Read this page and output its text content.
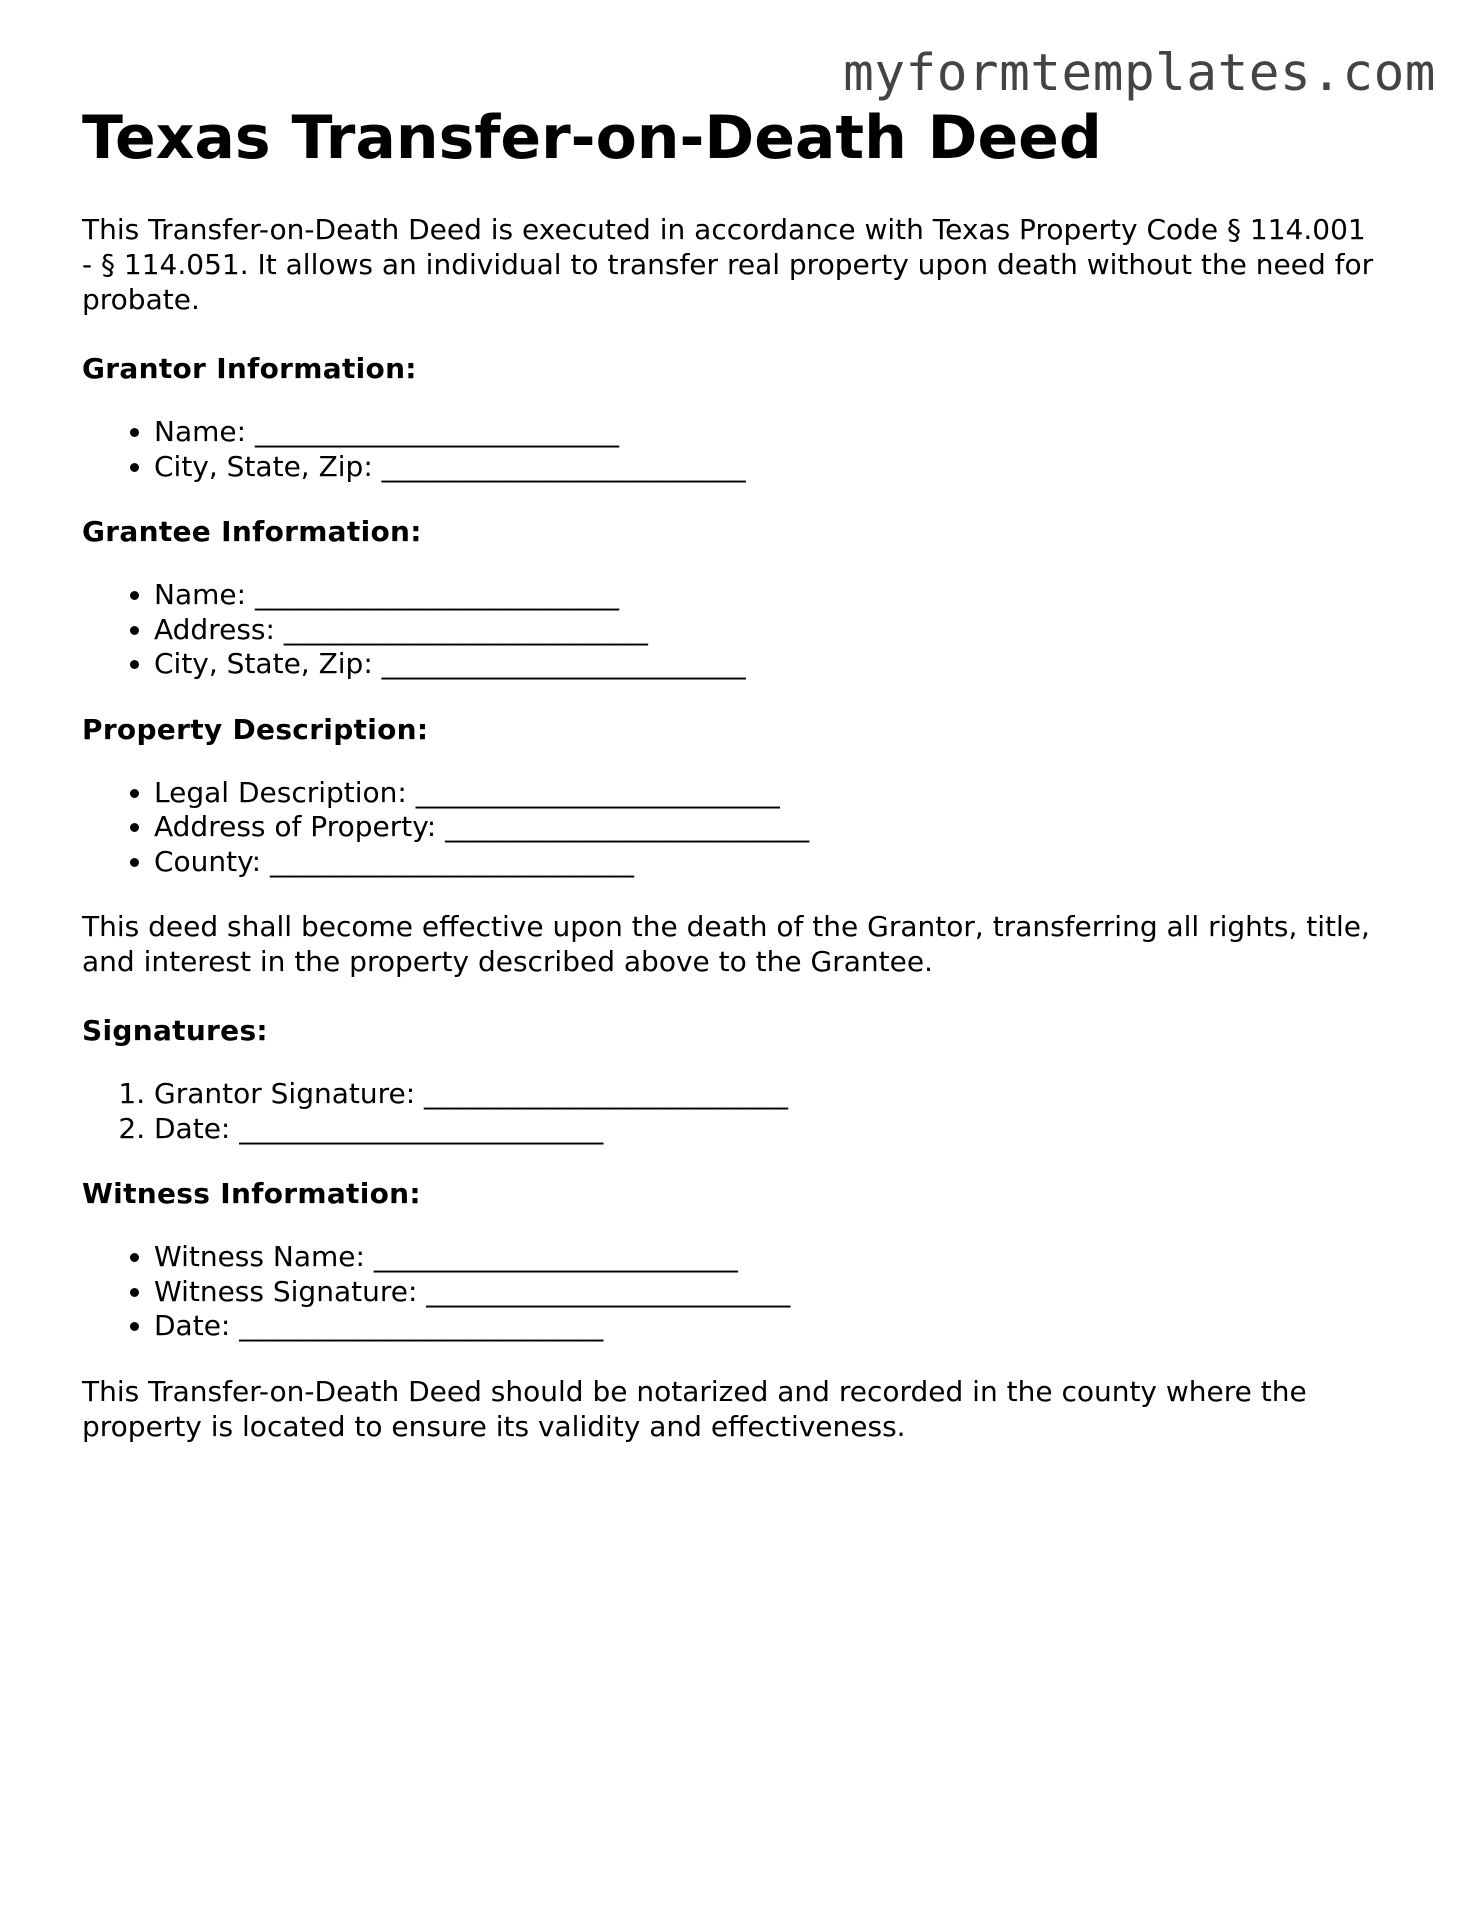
myformtemplates.com
Texas Transfer-on-Death Deed

This Transfer-on-Death Deed is executed in accordance with Texas Property Code § 114.001 - § 114.051. It allows an individual to transfer real property upon death without the need for probate.

Grantor Information:
• Name: __________________________
• City, State, Zip: __________________________
Grantee Information:
• Name: __________________________
• Address: __________________________
• City, State, Zip: __________________________
Property Description:
• Legal Description: __________________________
• Address of Property: __________________________
• County: __________________________

This deed shall become effective upon the death of the Grantor, transferring all rights, title, and interest in the property described above to the Grantee.

Signatures:
1. Grantor Signature: __________________________
2. Date: __________________________
Witness Information:
• Witness Name: __________________________
• Witness Signature: __________________________
• Date: __________________________

This Transfer-on-Death Deed should be notarized and recorded in the county where the property is located to ensure its validity and effectiveness.
